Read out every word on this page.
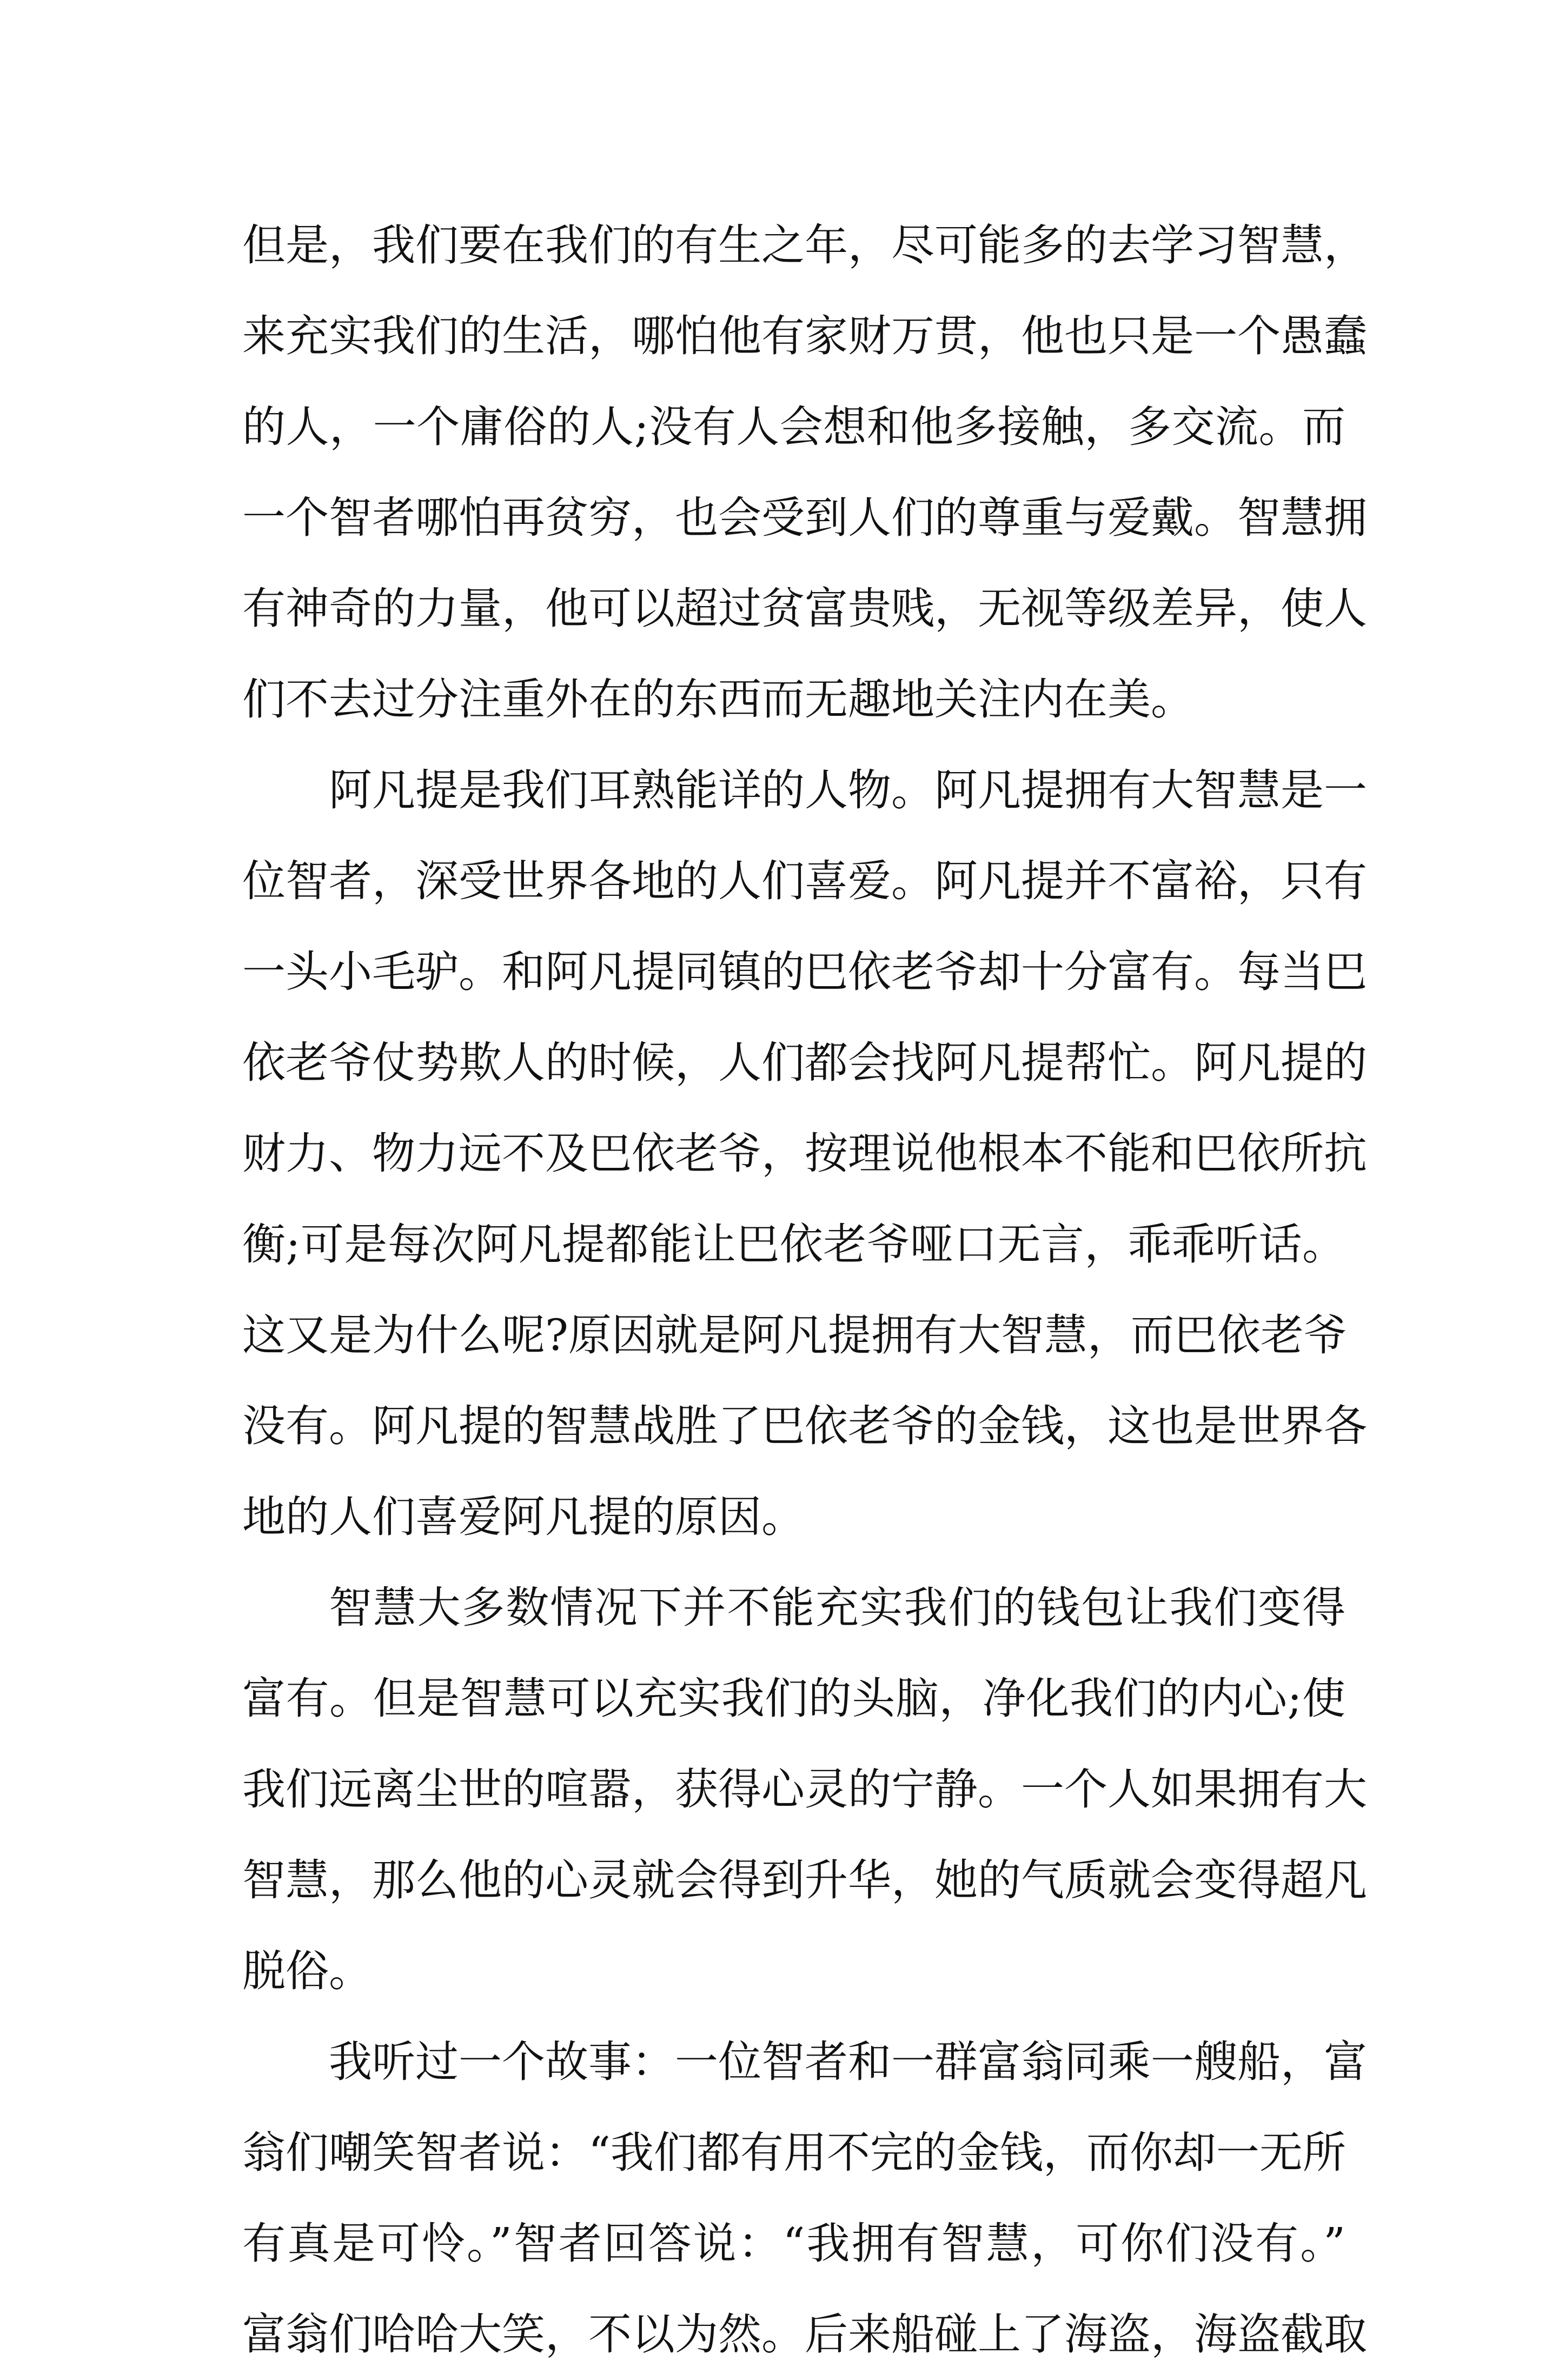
但是，我们要在我们的有生之年，尽可能多的去学习智慧，
来充实我们的生活，哪怕他有家财万贯，他也只是一个愚蠢
的人，一个庸俗的人;没有人会想和他多接触，多交流。而
一个智者哪怕再贫穷，也会受到人们的尊重与爱戴。智慧拥
有神奇的力量，他可以超过贫富贵贱，无视等级差异，使人
们不去过分注重外在的东西而无趣地关注内在美。
阿凡提是我们耳熟能详的人物。阿凡提拥有大智慧是一
位智者，深受世界各地的人们喜爱。阿凡提并不富裕，只有
一头小毛驴。和阿凡提同镇的巴依老爷却十分富有。每当巴
依老爷仗势欺人的时候，人们都会找阿凡提帮忙。阿凡提的
财力、物力远不及巴依老爷，按理说他根本不能和巴依所抗
衡;可是每次阿凡提都能让巴依老爷哑口无言，乖乖听话。
这又是为什么呢?原因就是阿凡提拥有大智慧，而巴依老爷
没有。阿凡提的智慧战胜了巴依老爷的金钱，这也是世界各
地的人们喜爱阿凡提的原因。
智慧大多数情况下并不能充实我们的钱包让我们变得
富有。但是智慧可以充实我们的头脑，净化我们的内心;使
我们远离尘世的喧嚣，获得心灵的宁静。一个人如果拥有大
智慧，那么他的心灵就会得到升华，她的气质就会变得超凡
脱俗。
我听过一个故事：一位智者和一群富翁同乘一艘船，富
翁们嘲笑智者说：“我们都有用不完的金钱，而你却一无所
有真是可怜。”智者回答说：“我拥有智慧，可你们没有。”
富翁们哈哈大笑，不以为然。后来船碰上了海盗，海盗截取
